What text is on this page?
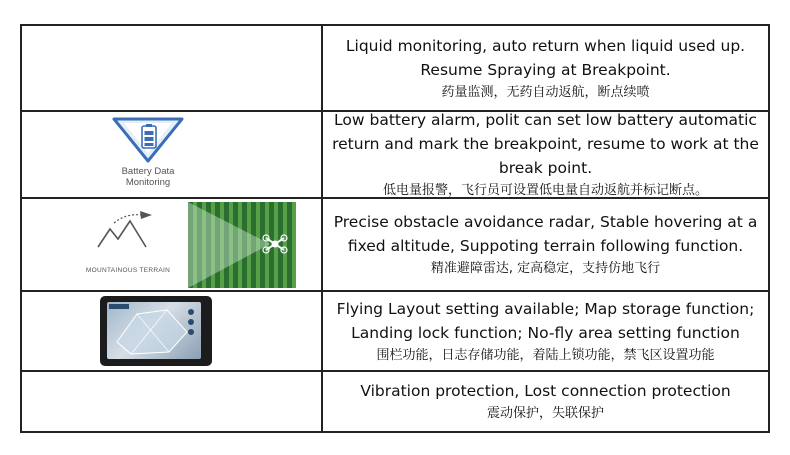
Liquid monitoring, auto return when liquid used up.
Resume Spraying at Breakpoint.
药量监测，无药自动返航，断点续喷
Battery Data
Monitoring
Low battery alarm, polit can set low battery automatic
return and mark the breakpoint, resume to work at the
break point.
低电量报警，飞行员可设置低电量自动返航并标记断点。
MOUNTAINOUS TERRAIN
Precise obstacle avoidance radar, Stable hovering at a
fixed altitude, Suppoting terrain following function.
精准避障雷达, 定高稳定，支持仿地飞行
Flying Layout setting available; Map storage function;
Landing lock function; No-fly area setting function
围栏功能，日志存储功能，着陆上锁功能，禁飞区设置功能
Vibration protection, Lost connection protection
震动保护，失联保护
